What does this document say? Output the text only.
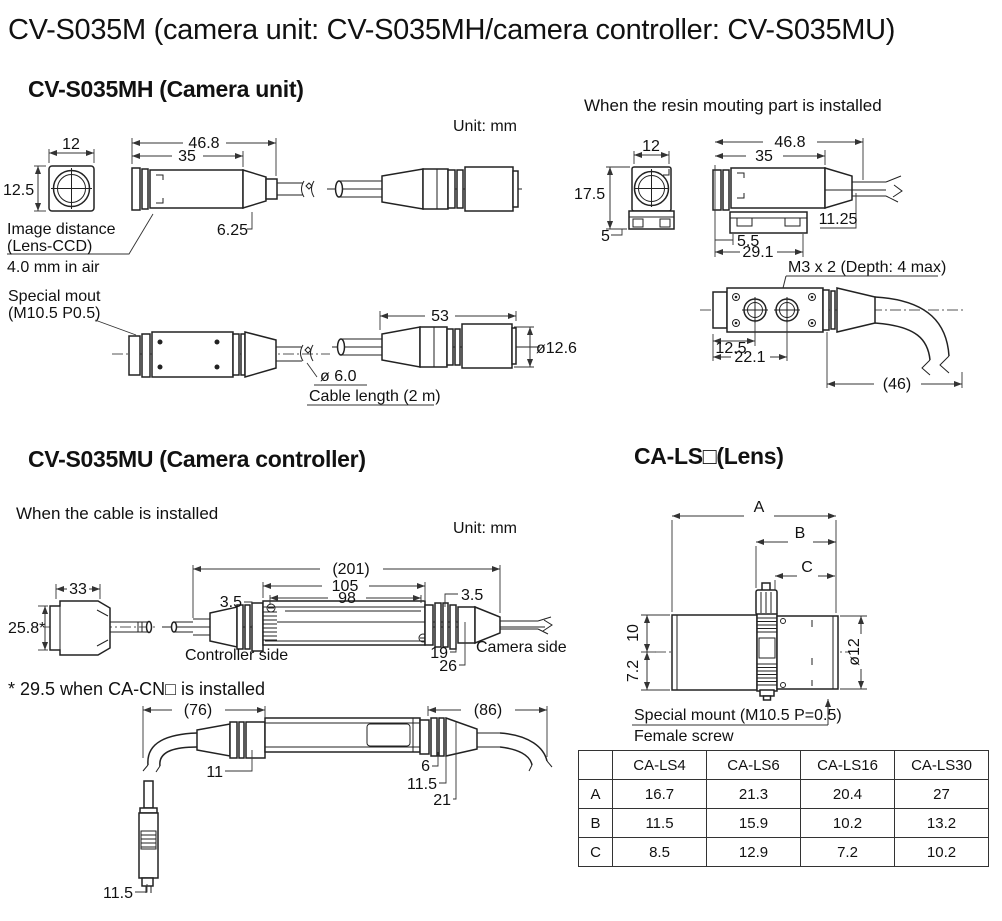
CV-S035M (camera unit: CV-S035MH/camera controller: CV-S035MU)
CV-S035MH (Camera unit)
When the resin mouting part is installed
CV-S035MU (Camera controller)	CA-LS□(Lens)
When the cable is installed
* 29.5 when CA-CN□ is installed
12
12.5
46.8
35
6.25
Image distance
(Lens-CCD)
4.0 mm in air
Unit: mm
Special mout
(M10.5 P0.5)
ø 6.0
Cable length (2 m)
53
ø12.6
12
17.5
5
46.8
35
11.25
5.5
29.1
M3 x 2 (Depth: 4 max)
12.5
22.1
(46)
33
25.8*
(201)
105
98
3.5	3.5
19
26
Controller side	Camera side
Unit: mm
(76)	(86)
11	6
11.5
21
11.5
A
B
C
10
7.2
ø12
Special mount (M10.5 P=0.5)
Female screw
	CA-LS4	CA-LS6	CA-LS16	CA-LS30
A	16.7	21.3	20.4	27
B	11.5	15.9	10.2	13.2
C	8.5	12.9	7.2	10.2
